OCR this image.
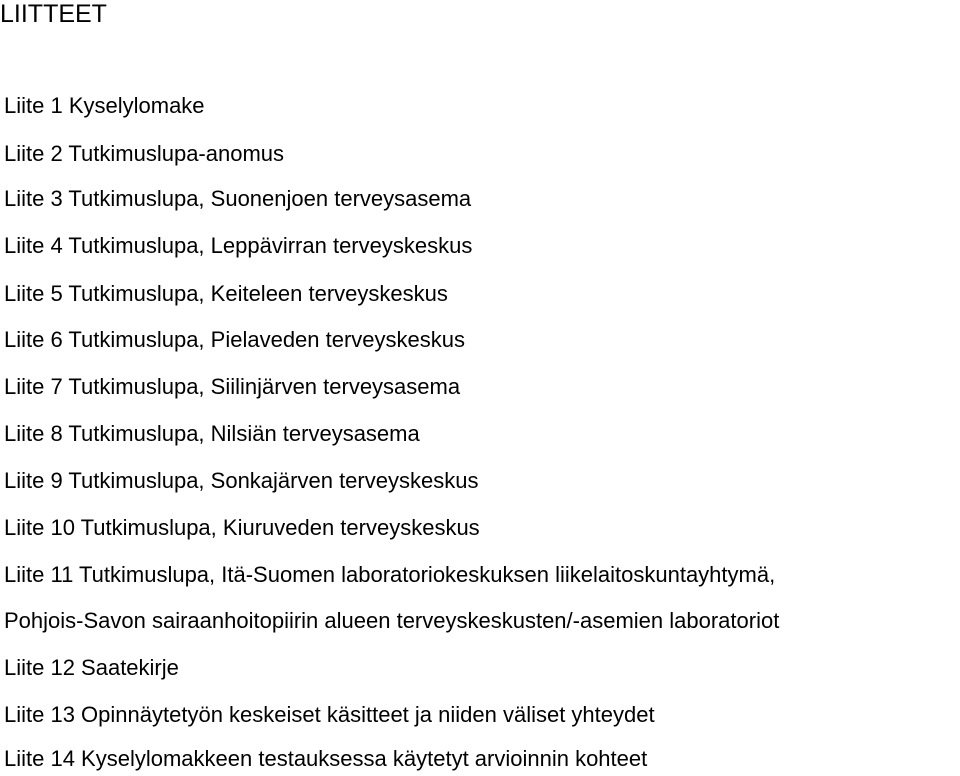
LIITTEET
Liite 1 Kyselylomake
Liite 2 Tutkimuslupa-anomus
Liite 3 Tutkimuslupa, Suonenjoen terveysasema
Liite 4 Tutkimuslupa, Leppävirran terveyskeskus
Liite 5 Tutkimuslupa, Keiteleen terveyskeskus
Liite 6 Tutkimuslupa, Pielaveden terveyskeskus
Liite 7 Tutkimuslupa, Siilinjärven terveysasema
Liite 8 Tutkimuslupa, Nilsiän terveysasema
Liite 9 Tutkimuslupa, Sonkajärven terveyskeskus
Liite 10 Tutkimuslupa, Kiuruveden terveyskeskus
Liite 11 Tutkimuslupa, Itä-Suomen laboratoriokeskuksen liikelaitoskuntayhtymä,
Pohjois-Savon sairaanhoitopiirin alueen terveyskeskusten/-asemien laboratoriot
Liite 12 Saatekirje
Liite 13 Opinnäytetyön keskeiset käsitteet ja niiden väliset yhteydet
Liite 14 Kyselylomakkeen testauksessa käytetyt arvioinnin kohteet
